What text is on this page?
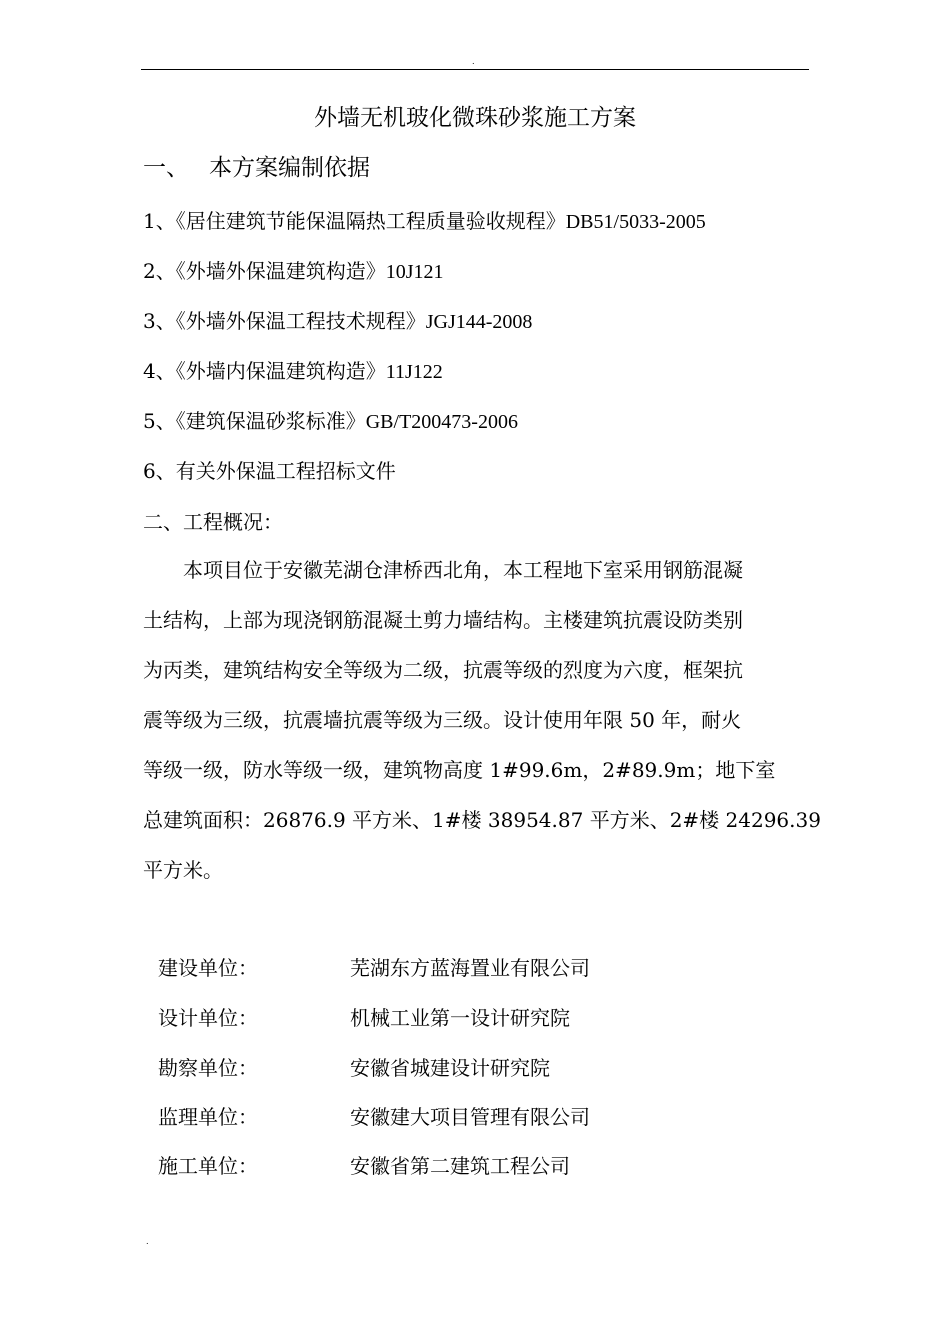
.
外墙无机玻化微珠砂浆施工方案
一、 本方案编制依据
1、《居住建筑节能保温隔热工程质量验收规程》DB51/5033-2005
2、《外墙外保温建筑构造》10J121
3、《外墙外保温工程技术规程》JGJ144-2008
4、《外墙内保温建筑构造》11J122
5、《建筑保温砂浆标准》GB/T200473-2006
6、有关外保温工程招标文件
二、工程概况：
　　本项目位于安徽芜湖仓津桥西北角，本工程地下室采用钢筋混凝
土结构，上部为现浇钢筋混凝土剪力墙结构。主楼建筑抗震设防类别
为丙类，建筑结构安全等级为二级，抗震等级的烈度为六度，框架抗
震等级为三级，抗震墙抗震等级为三级。设计使用年限 50 年，耐火
等级一级，防水等级一级，建筑物高度 1#99.6m，2#89.9m；地下室
总建筑面积：26876.9 平方米、1#楼 38954.87 平方米、2#楼 24296.39
平方米。
建设单位：	芜湖东方蓝海置业有限公司
设计单位：	机械工业第一设计研究院
勘察单位：	安徽省城建设计研究院
监理单位：	安徽建大项目管理有限公司
施工单位：	安徽省第二建筑工程公司
.
